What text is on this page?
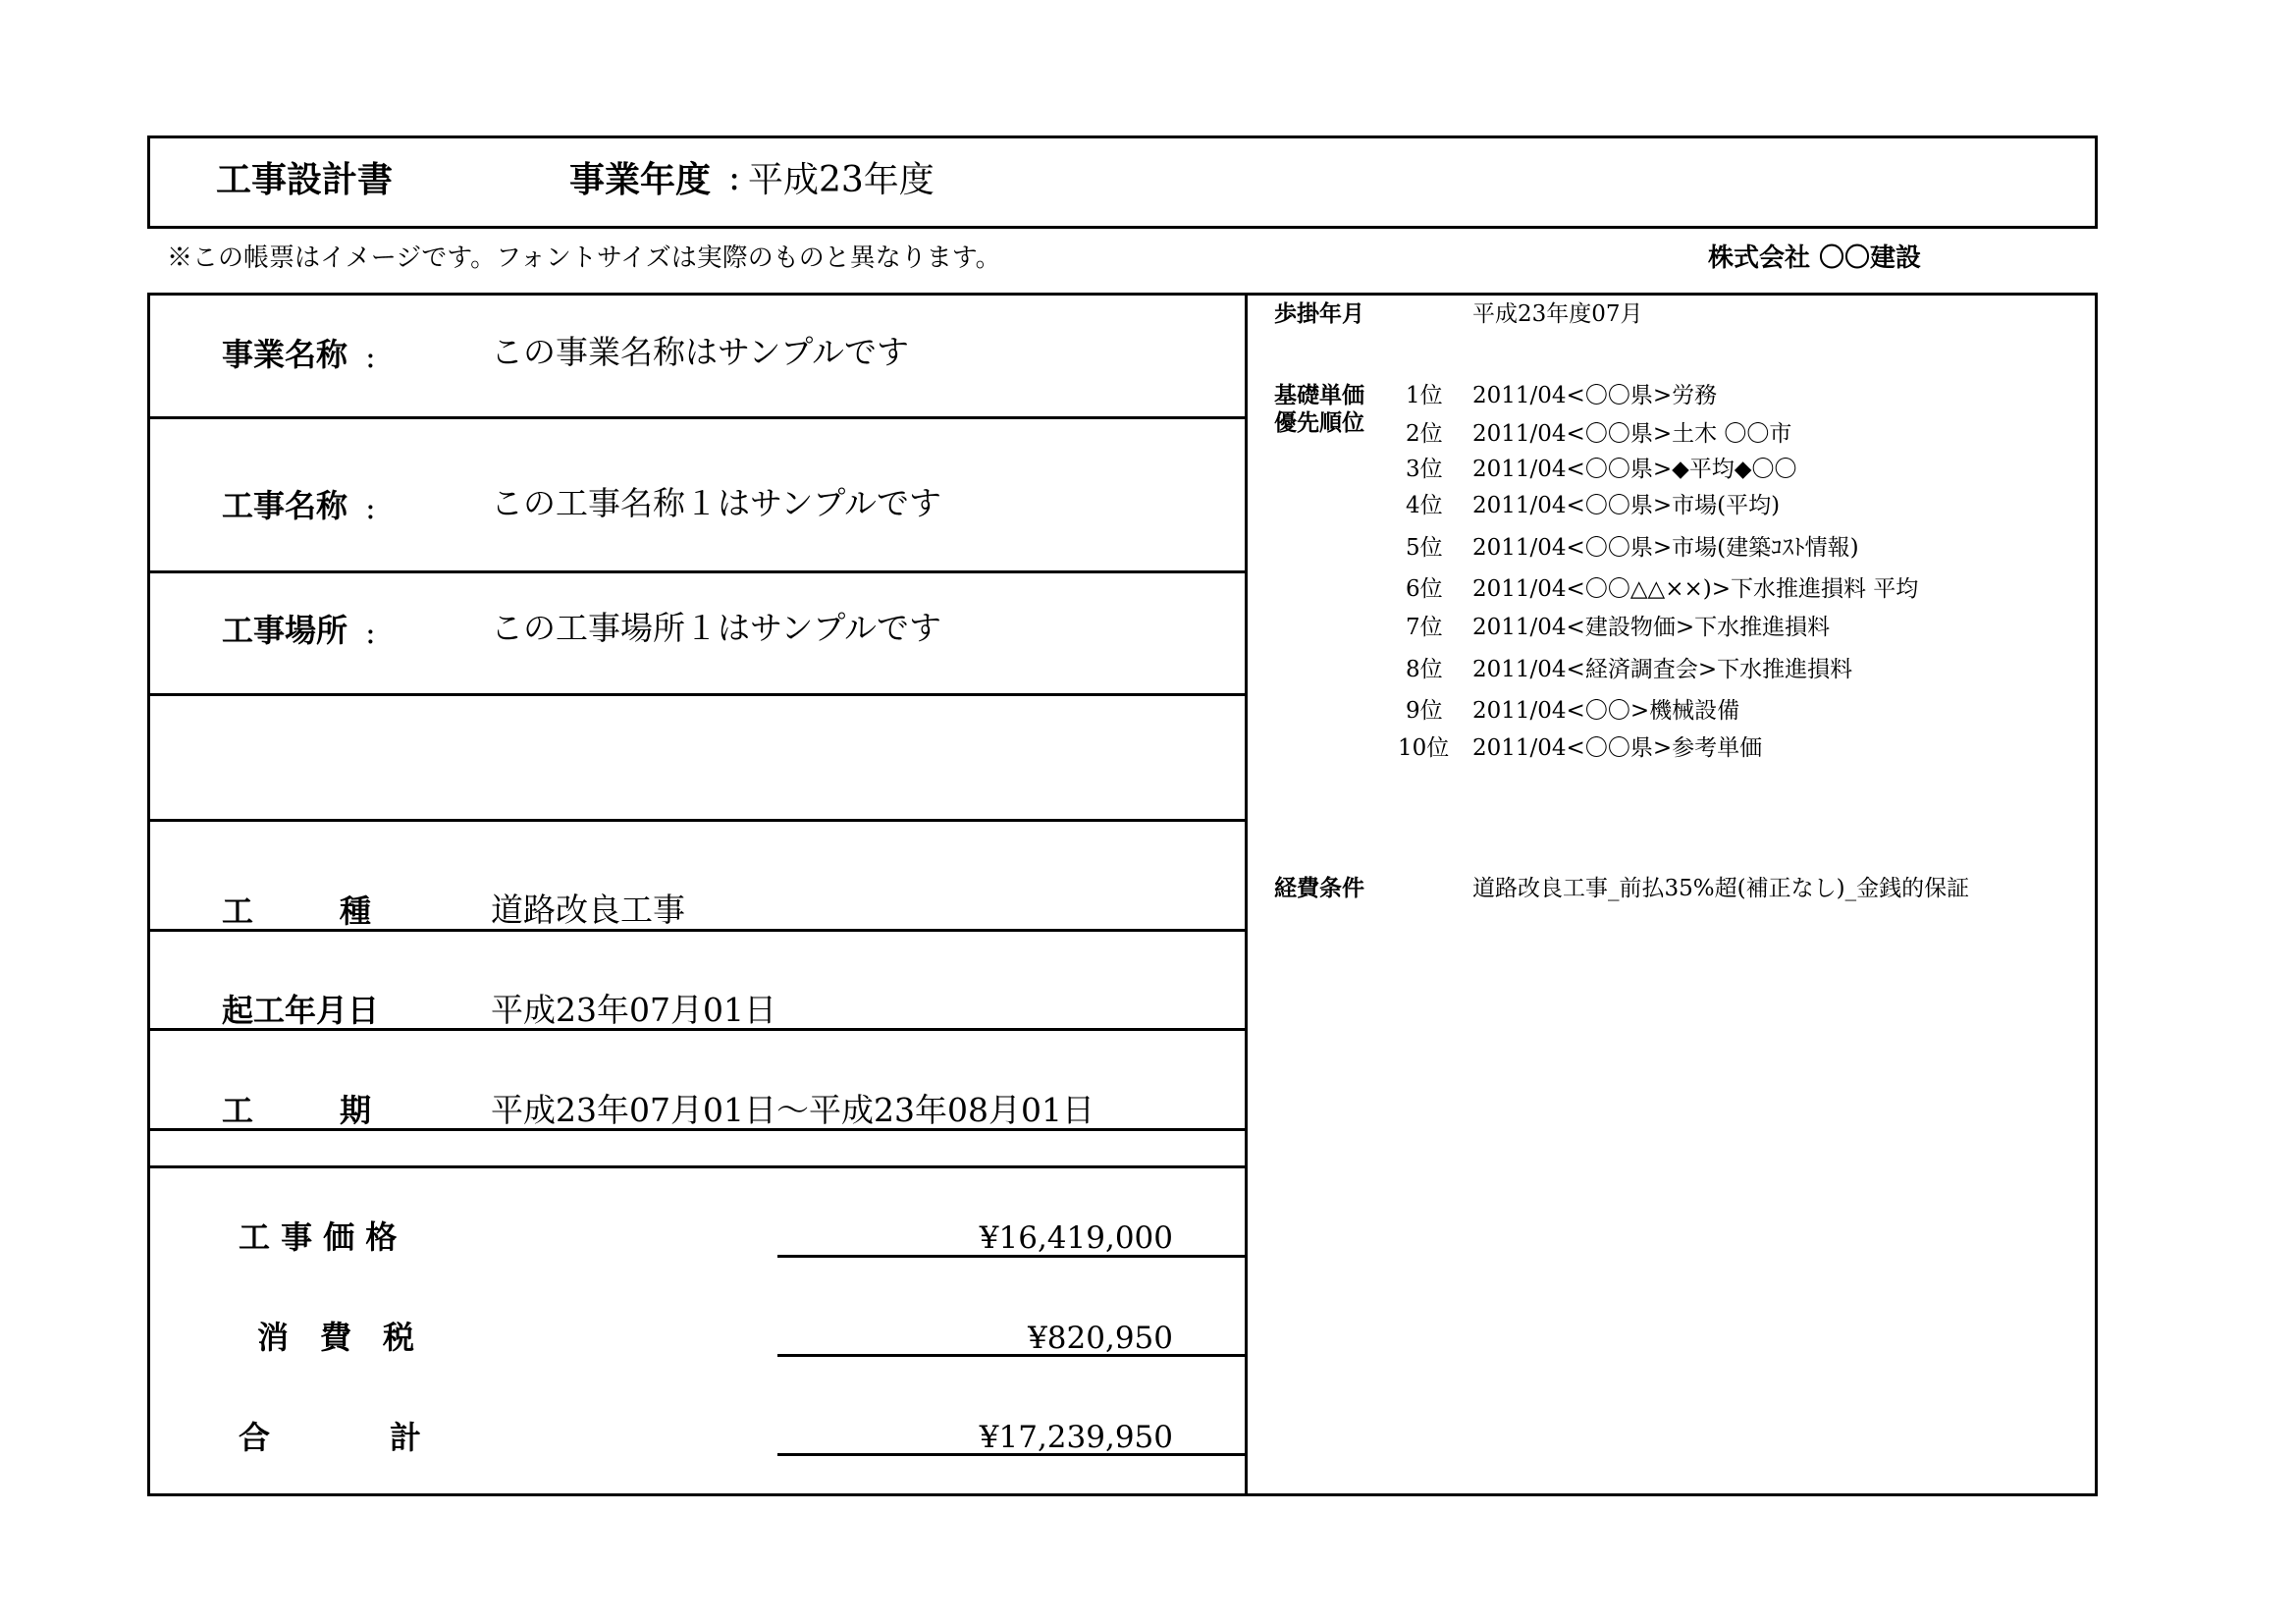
工事設計書	事業年度 : 平成23年度
※この帳票はイメージです。フォントサイズは実際のものと異なります。	株式会社 〇〇建設
事業名称 :	この事業名称はサンプルです
工事名称 :	この工事名称１はサンプルです
工事場所 :	この工事場所１はサンプルです
工	種	道路改良工事
起工年月日	平成23年07月01日
工	期	平成23年07月01日～平成23年08月01日
工 事 価 格	¥16,419,000
消　費　税	¥820,950
合	計	¥17,239,950
歩掛年月	平成23年度07月
基礎単価
優先順位
1位 2011/04<〇〇県>労務
2位 2011/04<〇〇県>土木 〇〇市
3位 2011/04<〇〇県>◆平均◆〇〇
4位 2011/04<〇〇県>市場(平均)
5位 2011/04<〇〇県>市場(建築ｺｽﾄ情報)
6位 2011/04<〇〇△△××)>下水推進損料 平均
7位 2011/04<建設物価>下水推進損料
8位 2011/04<経済調査会>下水推進損料
9位 2011/04<〇〇>機械設備
10位 2011/04<〇〇県>参考単価
経費条件	道路改良工事_前払35%超(補正なし)_金銭的保証
